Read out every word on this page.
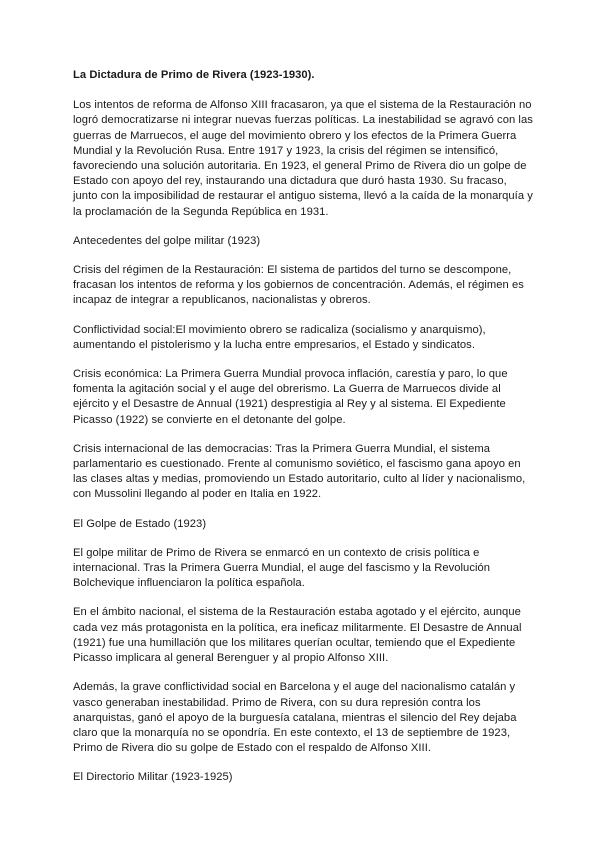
La Dictadura de Primo de Rivera (1923-1930).

Los intentos de reforma de Alfonso XIII fracasaron, ya que el sistema de la Restauración no logró democratizarse ni integrar nuevas fuerzas políticas. La inestabilidad se agravó con las guerras de Marruecos, el auge del movimiento obrero y los efectos de la Primera Guerra Mundial y la Revolución Rusa. Entre 1917 y 1923, la crisis del régimen se intensificó, favoreciendo una solución autoritaria. En 1923, el general Primo de Rivera dio un golpe de Estado con apoyo del rey, instaurando una dictadura que duró hasta 1930. Su fracaso, junto con la imposibilidad de restaurar el antiguo sistema, llevó a la caída de la monarquía y la proclamación de la Segunda República en 1931.

Antecedentes del golpe militar (1923)

Crisis del régimen de la Restauración: El sistema de partidos del turno se descompone, fracasan los intentos de reforma y los gobiernos de concentración. Además, el régimen es incapaz de integrar a republicanos, nacionalistas y obreros.

Conflictividad social:El movimiento obrero se radicaliza (socialismo y anarquismo), aumentando el pistolerismo y la lucha entre empresarios, el Estado y sindicatos.

Crisis económica: La Primera Guerra Mundial provoca inflación, carestía y paro, lo que fomenta la agitación social y el auge del obrerismo. La Guerra de Marruecos divide al ejército y el Desastre de Annual (1921) desprestigia al Rey y al sistema. El Expediente Picasso (1922) se convierte en el detonante del golpe.

Crisis internacional de las democracias: Tras la Primera Guerra Mundial, el sistema parlamentario es cuestionado. Frente al comunismo soviético, el fascismo gana apoyo en las clases altas y medias, promoviendo un Estado autoritario, culto al líder y nacionalismo, con Mussolini llegando al poder en Italia en 1922.

El Golpe de Estado (1923)

El golpe militar de Primo de Rivera se enmarcó en un contexto de crisis política e internacional. Tras la Primera Guerra Mundial, el auge del fascismo y la Revolución Bolchevique influenciaron la política española.

En el ámbito nacional, el sistema de la Restauración estaba agotado y el ejército, aunque cada vez más protagonista en la política, era ineficaz militarmente. El Desastre de Annual (1921) fue una humillación que los militares querían ocultar, temiendo que el Expediente Picasso implicara al general Berenguer y al propio Alfonso XIII.

Además, la grave conflictividad social en Barcelona y el auge del nacionalismo catalán y vasco generaban inestabilidad. Primo de Rivera, con su dura represión contra los anarquistas, ganó el apoyo de la burguesía catalana, mientras el silencio del Rey dejaba claro que la monarquía no se opondría. En este contexto, el 13 de septiembre de 1923, Primo de Rivera dio su golpe de Estado con el respaldo de Alfonso XIII.

El Directorio Militar (1923-1925)
